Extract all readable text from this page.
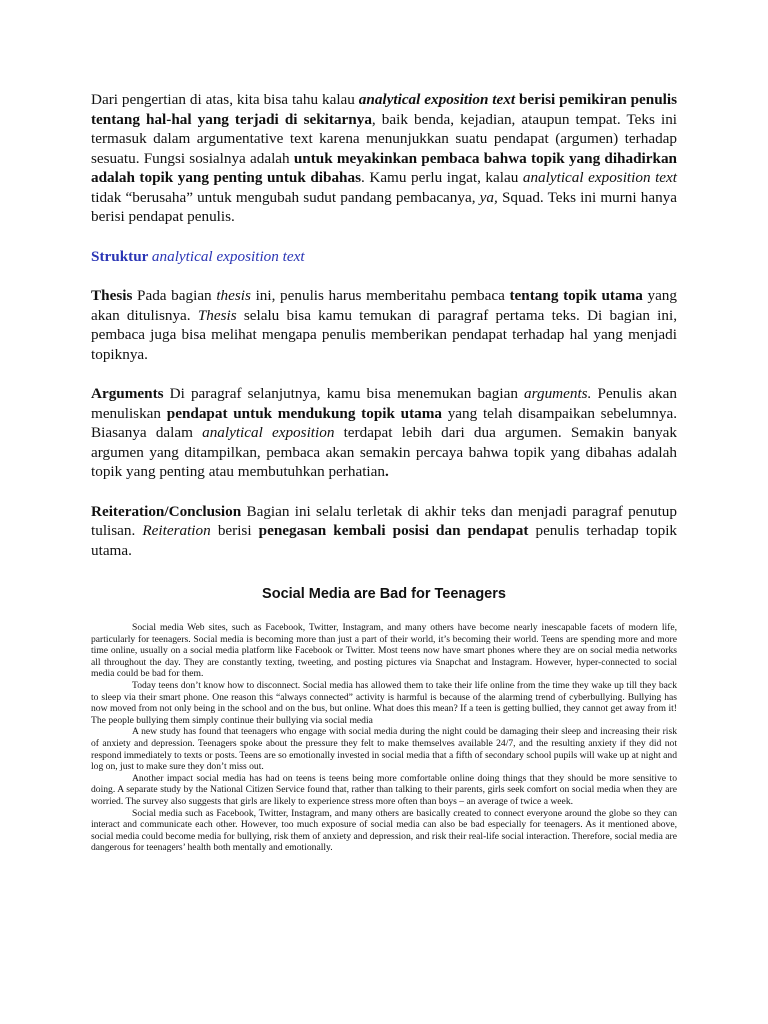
Dari pengertian di atas, kita bisa tahu kalau analytical exposition text berisi pemikiran penulis tentang hal-hal yang terjadi di sekitarnya, baik benda, kejadian, ataupun tempat. Teks ini termasuk dalam argumentative text karena menunjukkan suatu pendapat (argumen) terhadap sesuatu. Fungsi sosialnya adalah untuk meyakinkan pembaca bahwa topik yang dihadirkan adalah topik yang penting untuk dibahas. Kamu perlu ingat, kalau analytical exposition text tidak “berusaha” untuk mengubah sudut pandang pembacanya, ya, Squad. Teks ini murni hanya berisi pendapat penulis.

Struktur analytical exposition text

Thesis Pada bagian thesis ini, penulis harus memberitahu pembaca tentang topik utama yang akan ditulisnya. Thesis selalu bisa kamu temukan di paragraf pertama teks. Di bagian ini, pembaca juga bisa melihat mengapa penulis memberikan pendapat terhadap hal yang menjadi topiknya.

Arguments Di paragraf selanjutnya, kamu bisa menemukan bagian arguments. Penulis akan menuliskan pendapat untuk mendukung topik utama yang telah disampaikan sebelumnya. Biasanya dalam analytical exposition terdapat lebih dari dua argumen. Semakin banyak argumen yang ditampilkan, pembaca akan semakin percaya bahwa topik yang dibahas adalah topik yang penting atau membutuhkan perhatian.

Reiteration/Conclusion Bagian ini selalu terletak di akhir teks dan menjadi paragraf penutup tulisan. Reiteration berisi penegasan kembali posisi dan pendapat penulis terhadap topik utama.

Social Media are Bad for Teenagers

Social media Web sites, such as Facebook, Twitter, Instagram, and many others have become nearly inescapable facets of modern life, particularly for teenagers. Social media is becoming more than just a part of their world, it’s becoming their world. Teens are spending more and more time online, usually on a social media platform like Facebook or Twitter. Most teens now have smart phones where they are on social media networks all throughout the day. They are constantly texting, tweeting, and posting pictures via Snapchat and Instagram. However, hyper-connected to social media could be bad for them.

Today teens don’t know how to disconnect. Social media has allowed them to take their life online from the time they wake up till they back to sleep via their smart phone. One reason this “always connected” activity is harmful is because of the alarming trend of cyberbullying. Bullying has now moved from not only being in the school and on the bus, but online. What does this mean? If a teen is getting bullied, they cannot get away from it! The people bullying them simply continue their bullying via social media

A new study has found that teenagers who engage with social media during the night could be damaging their sleep and increasing their risk of anxiety and depression. Teenagers spoke about the pressure they felt to make themselves available 24/7, and the resulting anxiety if they did not respond immediately to texts or posts. Teens are so emotionally invested in social media that a fifth of secondary school pupils will wake up at night and log on, just to make sure they don’t miss out.

Another impact social media has had on teens is teens being more comfortable online doing things that they should be more sensitive to doing. A separate study by the National Citizen Service found that, rather than talking to their parents, girls seek comfort on social media when they are worried. The survey also suggests that girls are likely to experience stress more often than boys – an average of twice a week.

Social media such as Facebook, Twitter, Instagram, and many others are basically created to connect everyone around the globe so they can interact and communicate each other. However, too much exposure of social media can also be bad especially for teenagers. As it mentioned above, social media could become media for bullying, risk them of anxiety and depression, and risk their real-life social interaction. Therefore, social media are dangerous for teenagers’ health both mentally and emotionally.
